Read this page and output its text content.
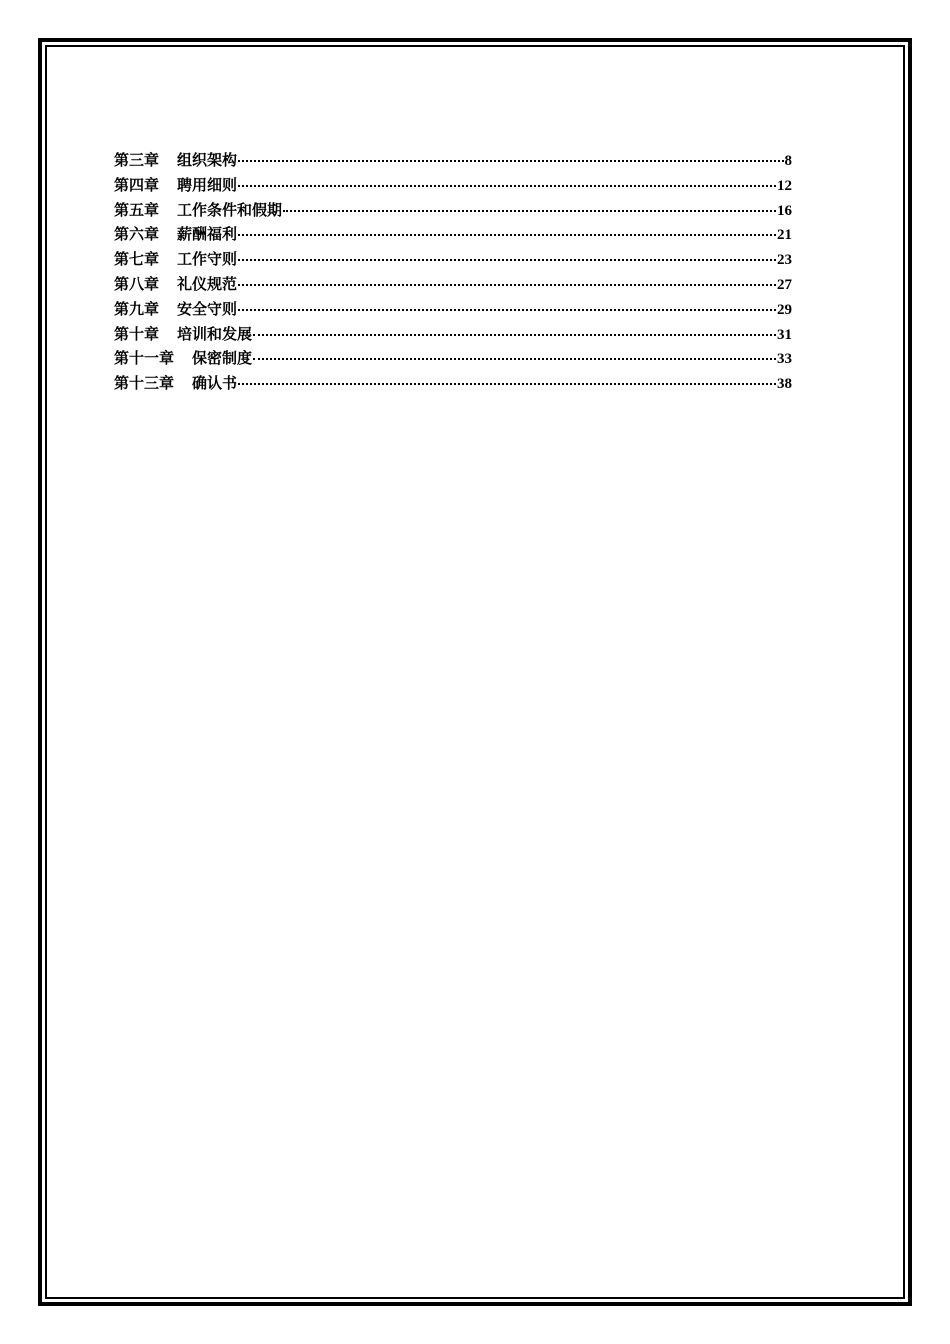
第三章 组织架构	8
第四章 聘用细则	12
第五章 工作条件和假期	16
第六章 薪酬福利	21
第七章 工作守则	23
第八章 礼仪规范	27
第九章 安全守则	29
第十章 培训和发展	31
第十一章 保密制度	33
第十三章 确认书	38
